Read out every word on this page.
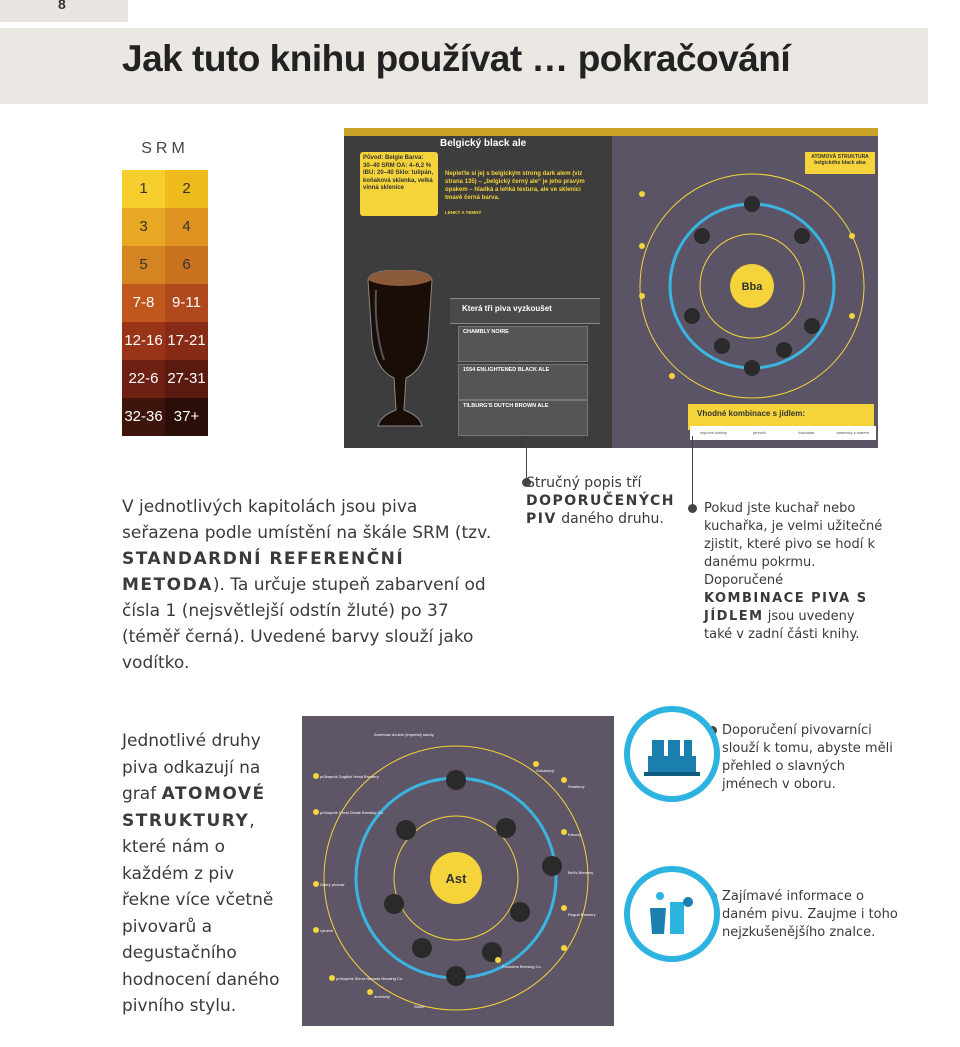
8
Jak tuto knihu používat … pokračování
SRM
1	2
3	4
5	6
7-8	9-11
12-16 17-21
22-6 27-31
32-36 37+
Původ: Belgie Barva: 30–40 SRM OA: 4–6,2 % IBU: 20–40 Sklo: tulipán, koňaková sklenka, velká vinná sklenice
Belgický black ale
Nepleťte si jej s belgickým strong dark alem (viz strana 135) – „belgický černý ale“ je jeho pravým opakem – hladká a lehká textura, ale ve sklenici tmavě černá barva.
LEHKÝ A TEMNÝ
Která tři piva vyzkoušet
CHAMBLY NOIRE
1554 ENLIGHTENED BLACK ALE
TILBURG'S DUTCH BROWN ALE
Bba
ATOMOVÁ STRUKTURA belgického black alea
Vhodné kombinace s jídlem:
vepřové kotlety	jehněčí	čokoláda	americký s tvarem
V jednotlivých kapitolách jsou piva seřazena podle umístění na škále SRM (tzv. STANDARDNÍ REFERENČNÍ METODA). Ta určuje stupeň zabarvení od čísla 1 (nejsvětlejší odstín žluté) po 37 (téměř černá). Uvedené barvy slouží jako vodítko.
Stručný popis tří DOPORUČENÝCH PIV daného druhu.
Pokud jste kuchař nebo kuchařka, je velmi užitečné zjistit, které pivo se hodí k danému pokrmu. Doporučené KOMBINACE PIVA S JÍDLEM jsou uvedeny také v zadní části knihy.
Jednotlivé druhy piva odkazují na graf ATOMOVÉ STRUKTURY, které nám o každém z piv řekne více včetně pivovarů a degustačního hodnocení daného pivního stylu.
Ast
průkopník Dogfish Head Brewery
průkopník Great Divide Brewing Co.
Dobrý pivovar
výrobní
průkopník Sierra Nevada Brewing Co.
americký
Stone
American double (imperial) stouty
Gokádový
Smaltový
Kávový
Bell's Brewery
Rogue Brewery
Founders Brewing Co.
Doporučení pivovarníci slouží k tomu, abyste měli přehled o slavných jménech v oboru.
Zajímavé informace o daném pivu. Zaujme i toho nejzkušenějšího znalce.
